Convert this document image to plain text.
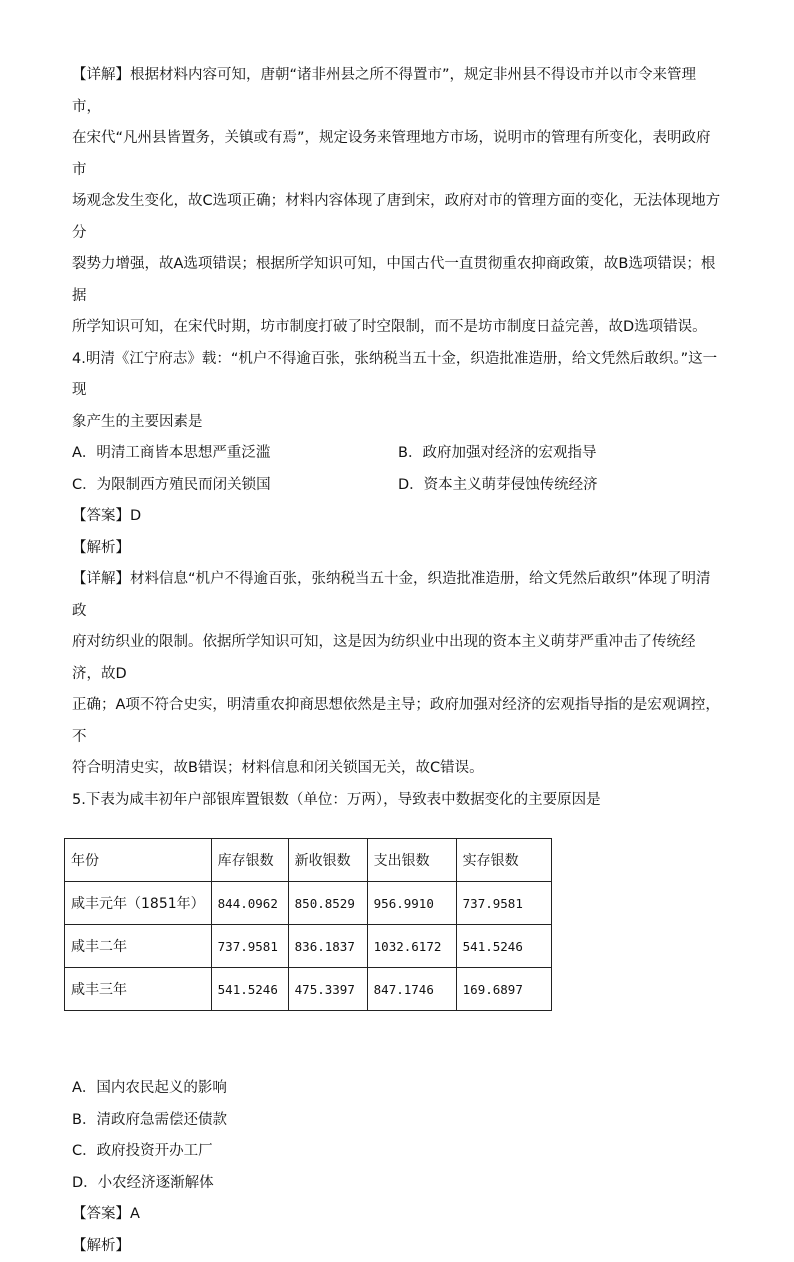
【详解】根据材料内容可知，唐朝“诸非州县之所不得置市”，规定非州县不得设市并以市令来管理市，

在宋代“凡州县皆置务，关镇或有焉”，规定设务来管理地方市场，说明市的管理有所变化，表明政府市

场观念发生变化，故C选项正确；材料内容体现了唐到宋，政府对市的管理方面的变化，无法体现地方分

裂势力增强，故A选项错误；根据所学知识可知，中国古代一直贯彻重农抑商政策，故B选项错误；根据

所学知识可知，在宋代时期，坊市制度打破了时空限制，而不是坊市制度日益完善，故D选项错误。

4.明清《江宁府志》载：“机户不得逾百张，张纳税当五十金，织造批准造册，给文凭然后敢织。”这一现

象产生的主要因素是

A．明清工商皆本思想严重泛滥	B．政府加强对经济的宏观指导
C．为限制西方殖民而闭关锁国	D．资本主义萌芽侵蚀传统经济

【答案】D

【解析】

【详解】材料信息“机户不得逾百张，张纳税当五十金，织造批准造册，给文凭然后敢织”体现了明清政

府对纺织业的限制。依据所学知识可知，这是因为纺织业中出现的资本主义萌芽严重冲击了传统经济，故D

正确；A项不符合史实，明清重农抑商思想依然是主导；政府加强对经济的宏观指导指的是宏观调控，不

符合明清史实，故B错误；材料信息和闭关锁国无关，故C错误。

5.下表为咸丰初年户部银库置银数（单位：万两），导致表中数据变化的主要原因是

年份	库存银数	新收银数	支出银数	实存银数
咸丰元年（1851年）	844.0962	850.8529	956.9910	737.9581
咸丰二年	737.9581	836.1837	1032.6172	541.5246
咸丰三年	541.5246	475.3397	847.1746	169.6897
A．国内农民起义的影响
B．清政府急需偿还债款
C．政府投资开办工厂
D．小农经济逐渐解体

【答案】A

【解析】
